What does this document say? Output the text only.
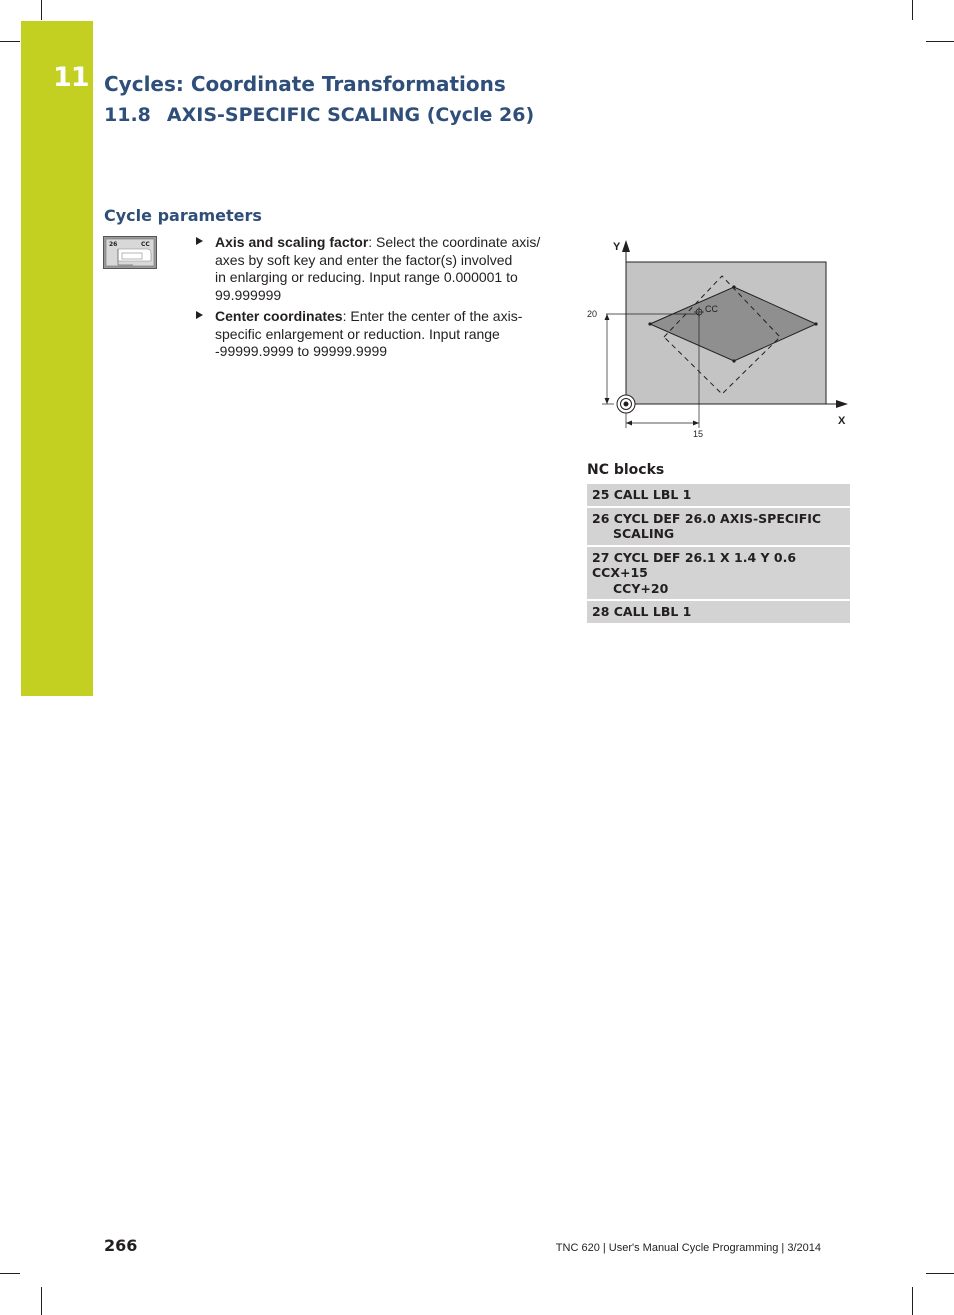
11 Cycles: Coordinate Transformations
11.8 AXIS-SPECIFIC SCALING (Cycle 26)
Cycle parameters
26	CC	Axis and scaling factor: Select the coordinate axis/
axes by soft key and enter the factor(s) involved
in enlarging or reducing. Input range 0.000001 to
99.999999
Center coordinates: Enter the center of the axis-
specific enlargement or reduction. Input range
-99999.9999 to 99999.9999
Y
X
CC
20
15
NC blocks
25 CALL LBL 1
26 CYCL DEF 26.0 AXIS-SPECIFIC
SCALING
27 CYCL DEF 26.1 X 1.4 Y 0.6 CCX+15
CCY+20
28 CALL LBL 1
266	TNC 620 | User's Manual Cycle Programming | 3/2014
